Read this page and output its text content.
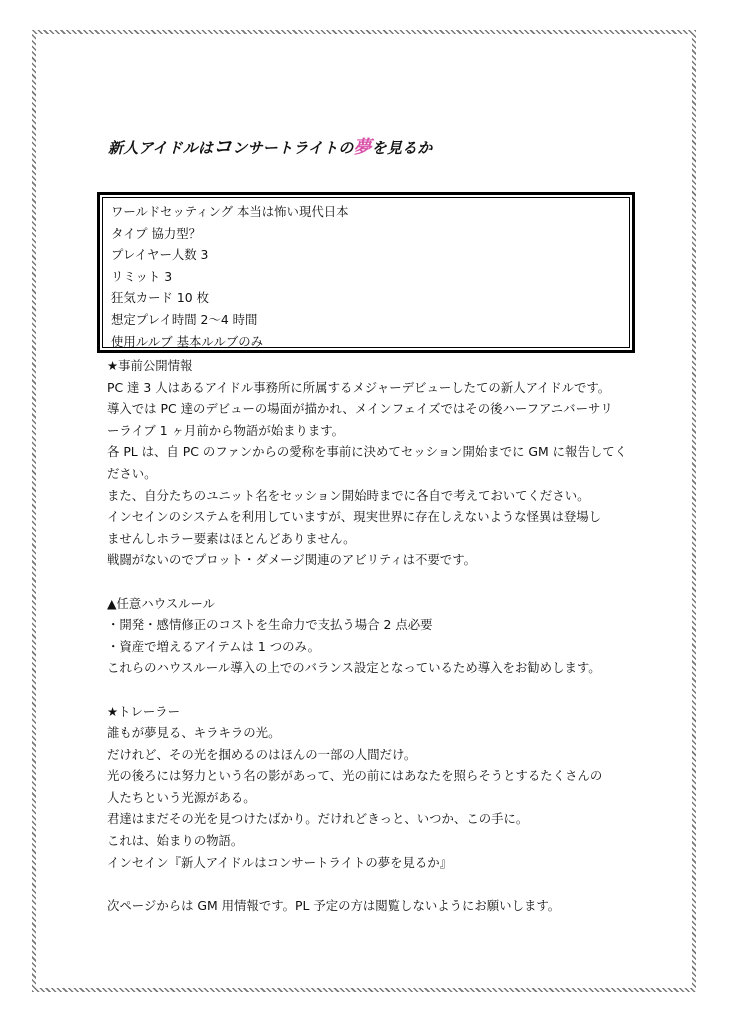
新人アイドルはコンサートライトの夢を見るか
ワールドセッティング 本当は怖い現代日本
タイプ 協力型？
プレイヤー人数 3
リミット 3
狂気カード 10 枚
想定プレイ時間 2～4 時間
使用ルルブ 基本ルルブのみ
★事前公開情報
PC 達 3 人はあるアイドル事務所に所属するメジャーデビューしたての新人アイドルです。
導入では PC 達のデビューの場面が描かれ、メインフェイズではその後ハーフアニバーサリ
ーライブ 1 ヶ月前から物語が始まります。
各 PL は、自 PC のファンからの愛称を事前に決めてセッション開始までに GM に報告してく
ださい。
また、自分たちのユニット名をセッション開始時までに各自で考えておいてください。
インセインのシステムを利用していますが、現実世界に存在しえないような怪異は登場し
ませんしホラー要素はほとんどありません。
戦闘がないのでプロット・ダメージ関連のアビリティは不要です。
▲任意ハウスルール
・開発・感情修正のコストを生命力で支払う場合 2 点必要
・資産で増えるアイテムは 1 つのみ。
これらのハウスルール導入の上でのバランス設定となっているため導入をお勧めします。
★トレーラー
誰もが夢見る、キラキラの光。
だけれど、その光を掴めるのはほんの一部の人間だけ。
光の後ろには努力という名の影があって、光の前にはあなたを照らそうとするたくさんの
人たちという光源がある。
君達はまだその光を見つけたばかり。だけれどきっと、いつか、この手に。
これは、始まりの物語。
インセイン『新人アイドルはコンサートライトの夢を見るか』
次ページからは GM 用情報です。PL 予定の方は閲覧しないようにお願いします。
